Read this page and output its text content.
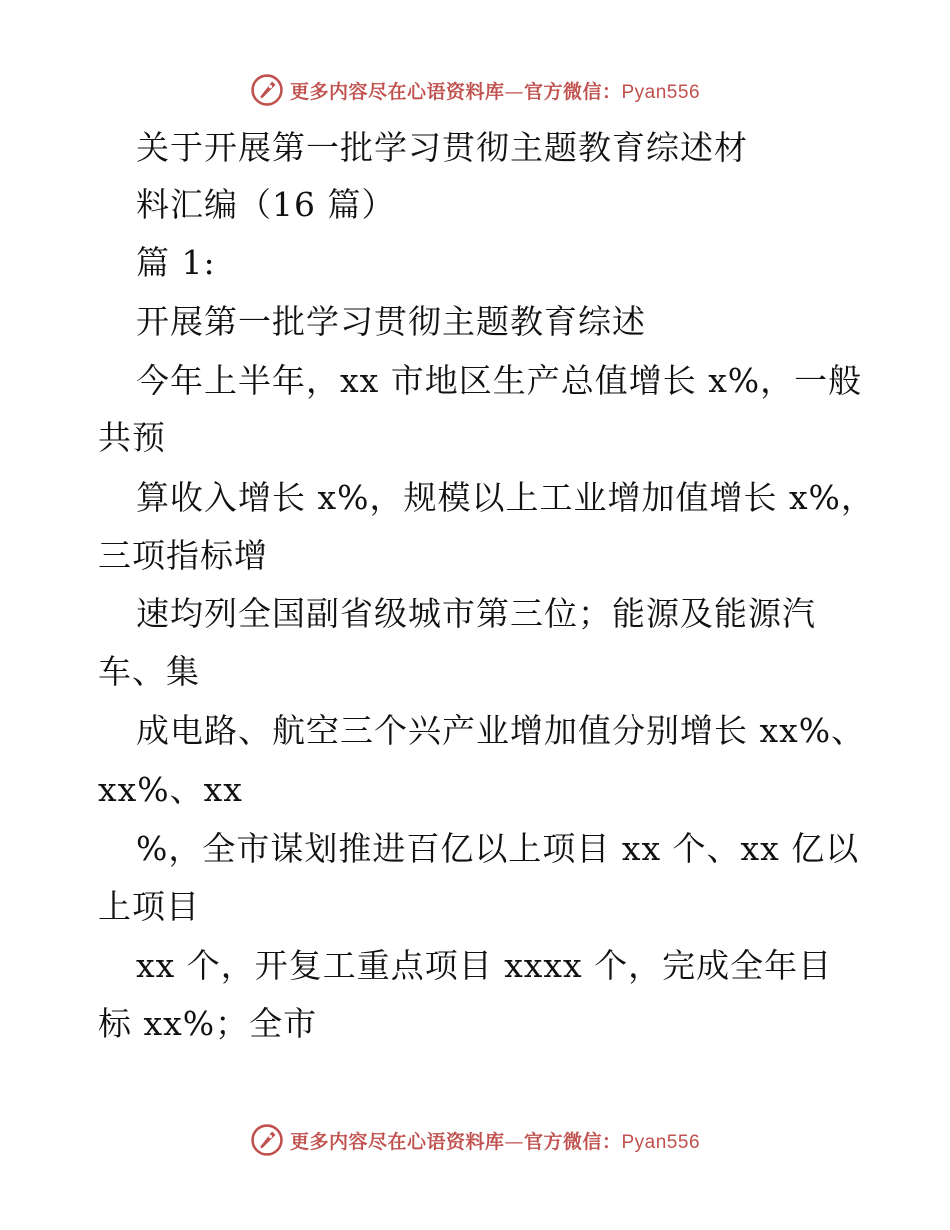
更多内容尽在心语资料库—官方微信：Pyan556
关于开展第一批学习贯彻主题教育综述材
料汇编（16 篇）
篇 1:
开展第一批学习贯彻主题教育综述
今年上半年，xx 市地区生产总值增长 x%，一般
共预
算收入增长 x%，规模以上工业增加值增长 x%，
三项指标增
速均列全国副省级城市第三位；能源及能源汽
车、集
成电路、航空三个兴产业增加值分别增长 xx%、
xx%、xx
%，全市谋划推进百亿以上项目 xx 个、xx 亿以
上项目
xx 个，开复工重点项目 xxxx 个，完成全年目
标 xx%；全市
更多内容尽在心语资料库—官方微信：Pyan556
